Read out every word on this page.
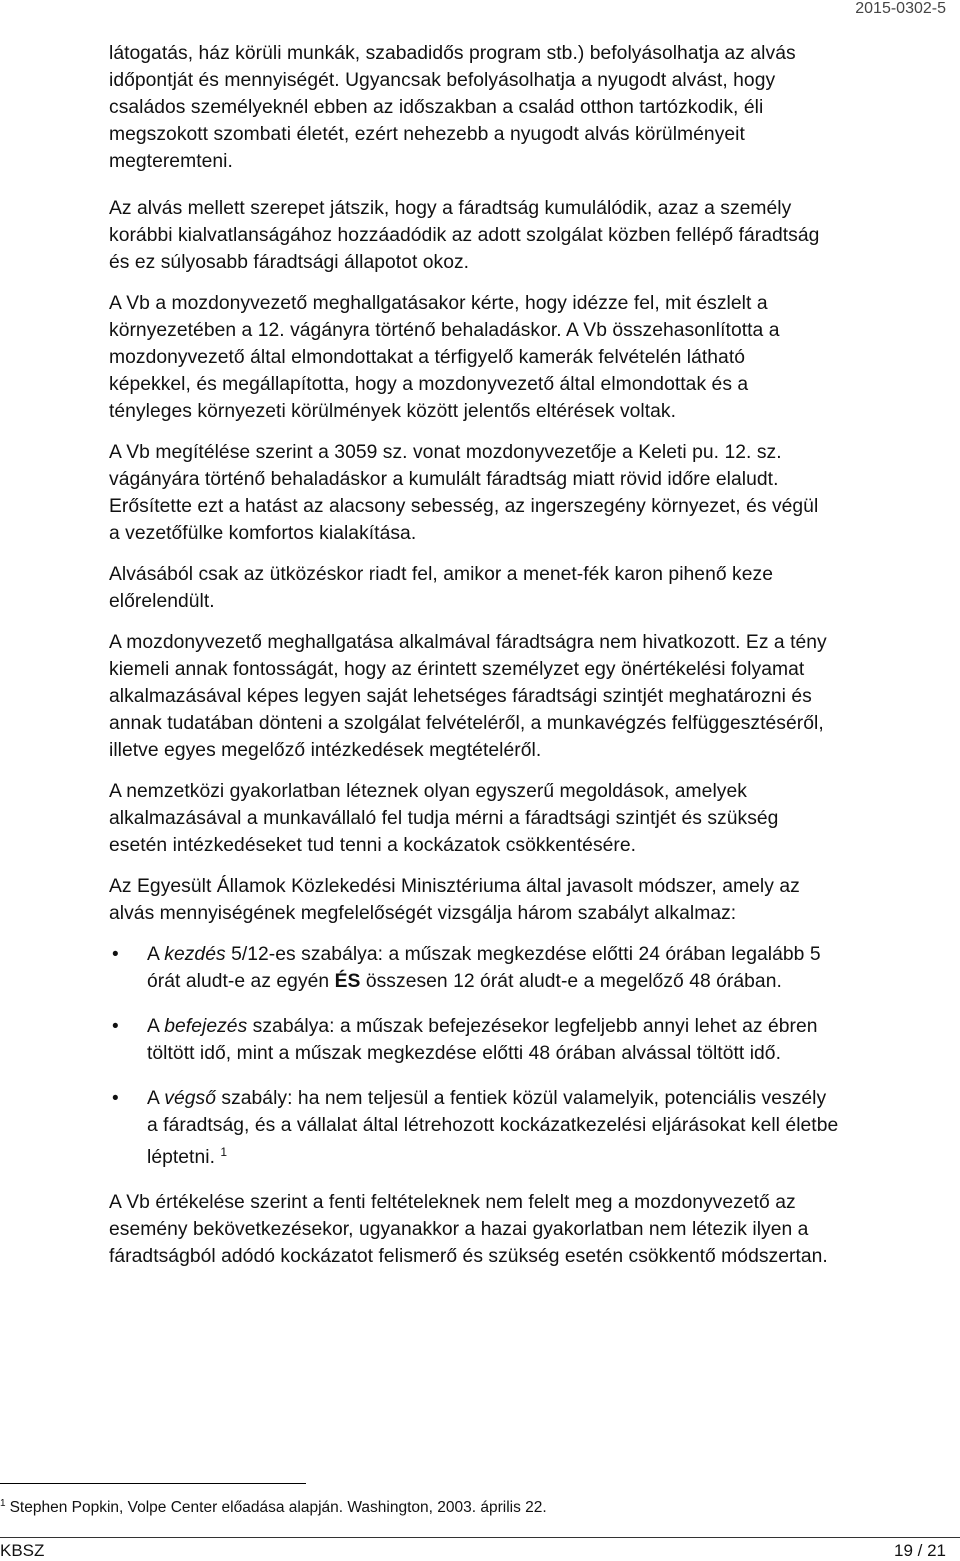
2015-0302-5

látogatás, ház körüli munkák, szabadidős program stb.) befolyásolhatja az alvás
időpontját és mennyiségét. Ugyancsak befolyásolhatja a nyugodt alvást, hogy
családos személyeknél ebben az időszakban a család otthon tartózkodik, éli
megszokott szombati életét, ezért nehezebb a nyugodt alvás körülményeit
megteremteni.

Az alvás mellett szerepet játszik, hogy a fáradtság kumulálódik, azaz a személy
korábbi kialvatlanságához hozzáadódik az adott szolgálat közben fellépő fáradtság
és ez súlyosabb fáradtsági állapotot okoz.

A Vb a mozdonyvezető meghallgatásakor kérte, hogy idézze fel, mit észlelt a
környezetében a 12. vágányra történő behaladáskor. A Vb összehasonlította a
mozdonyvezető által elmondottakat a térfigyelő kamerák felvételén látható
képekkel, és megállapította, hogy a mozdonyvezető által elmondottak és a
tényleges környezeti körülmények között jelentős eltérések voltak.

A Vb megítélése szerint a 3059 sz. vonat mozdonyvezetője a Keleti pu. 12. sz.
vágányára történő behaladáskor a kumulált fáradtság miatt rövid időre elaludt.
Erősítette ezt a hatást az alacsony sebesség, az ingerszegény környezet, és végül
a vezetőfülke komfortos kialakítása.

Alvásából csak az ütközéskor riadt fel, amikor a menet-fék karon pihenő keze
előrelendült.

A mozdonyvezető meghallgatása alkalmával fáradtságra nem hivatkozott. Ez a tény
kiemeli annak fontosságát, hogy az érintett személyzet egy önértékelési folyamat
alkalmazásával képes legyen saját lehetséges fáradtsági szintjét meghatározni és
annak tudatában dönteni a szolgálat felvételéről, a munkavégzés felfüggesztéséről,
illetve egyes megelőző intézkedések megtételéről.

A nemzetközi gyakorlatban léteznek olyan egyszerű megoldások, amelyek
alkalmazásával a munkavállaló fel tudja mérni a fáradtsági szintjét és szükség
esetén intézkedéseket tud tenni a kockázatok csökkentésére.

Az Egyesült Államok Közlekedési Minisztériuma által javasolt módszer, amely az
alvás mennyiségének megfelelőségét vizsgálja három szabályt alkalmaz:

• A kezdés 5/12-es szabálya: a műszak megkezdése előtti 24 órában legalább 5
órát aludt-e az egyén ÉS összesen 12 órát aludt-e a megelőző 48 órában.
• A befejezés szabálya: a műszak befejezésekor legfeljebb annyi lehet az ébren
töltött idő, mint a műszak megkezdése előtti 48 órában alvással töltött idő.
• A végső szabály: ha nem teljesül a fentiek közül valamelyik, potenciális veszély
a fáradtság, és a vállalat által létrehozott kockázatkezelési eljárásokat kell életbe
léptetni. $^1$

A Vb értékelése szerint a fenti feltételeknek nem felelt meg a mozdonyvezető az
esemény bekövetkezésekor, ugyanakkor a hazai gyakorlatban nem létezik ilyen a
fáradtságból adódó kockázatot felismerő és szükség esetén csökkentő módszertan.

$^1$ Stephen Popkin, Volpe Center előadása alapján. Washington, 2003. április 22.
KBSZ	19 / 21
